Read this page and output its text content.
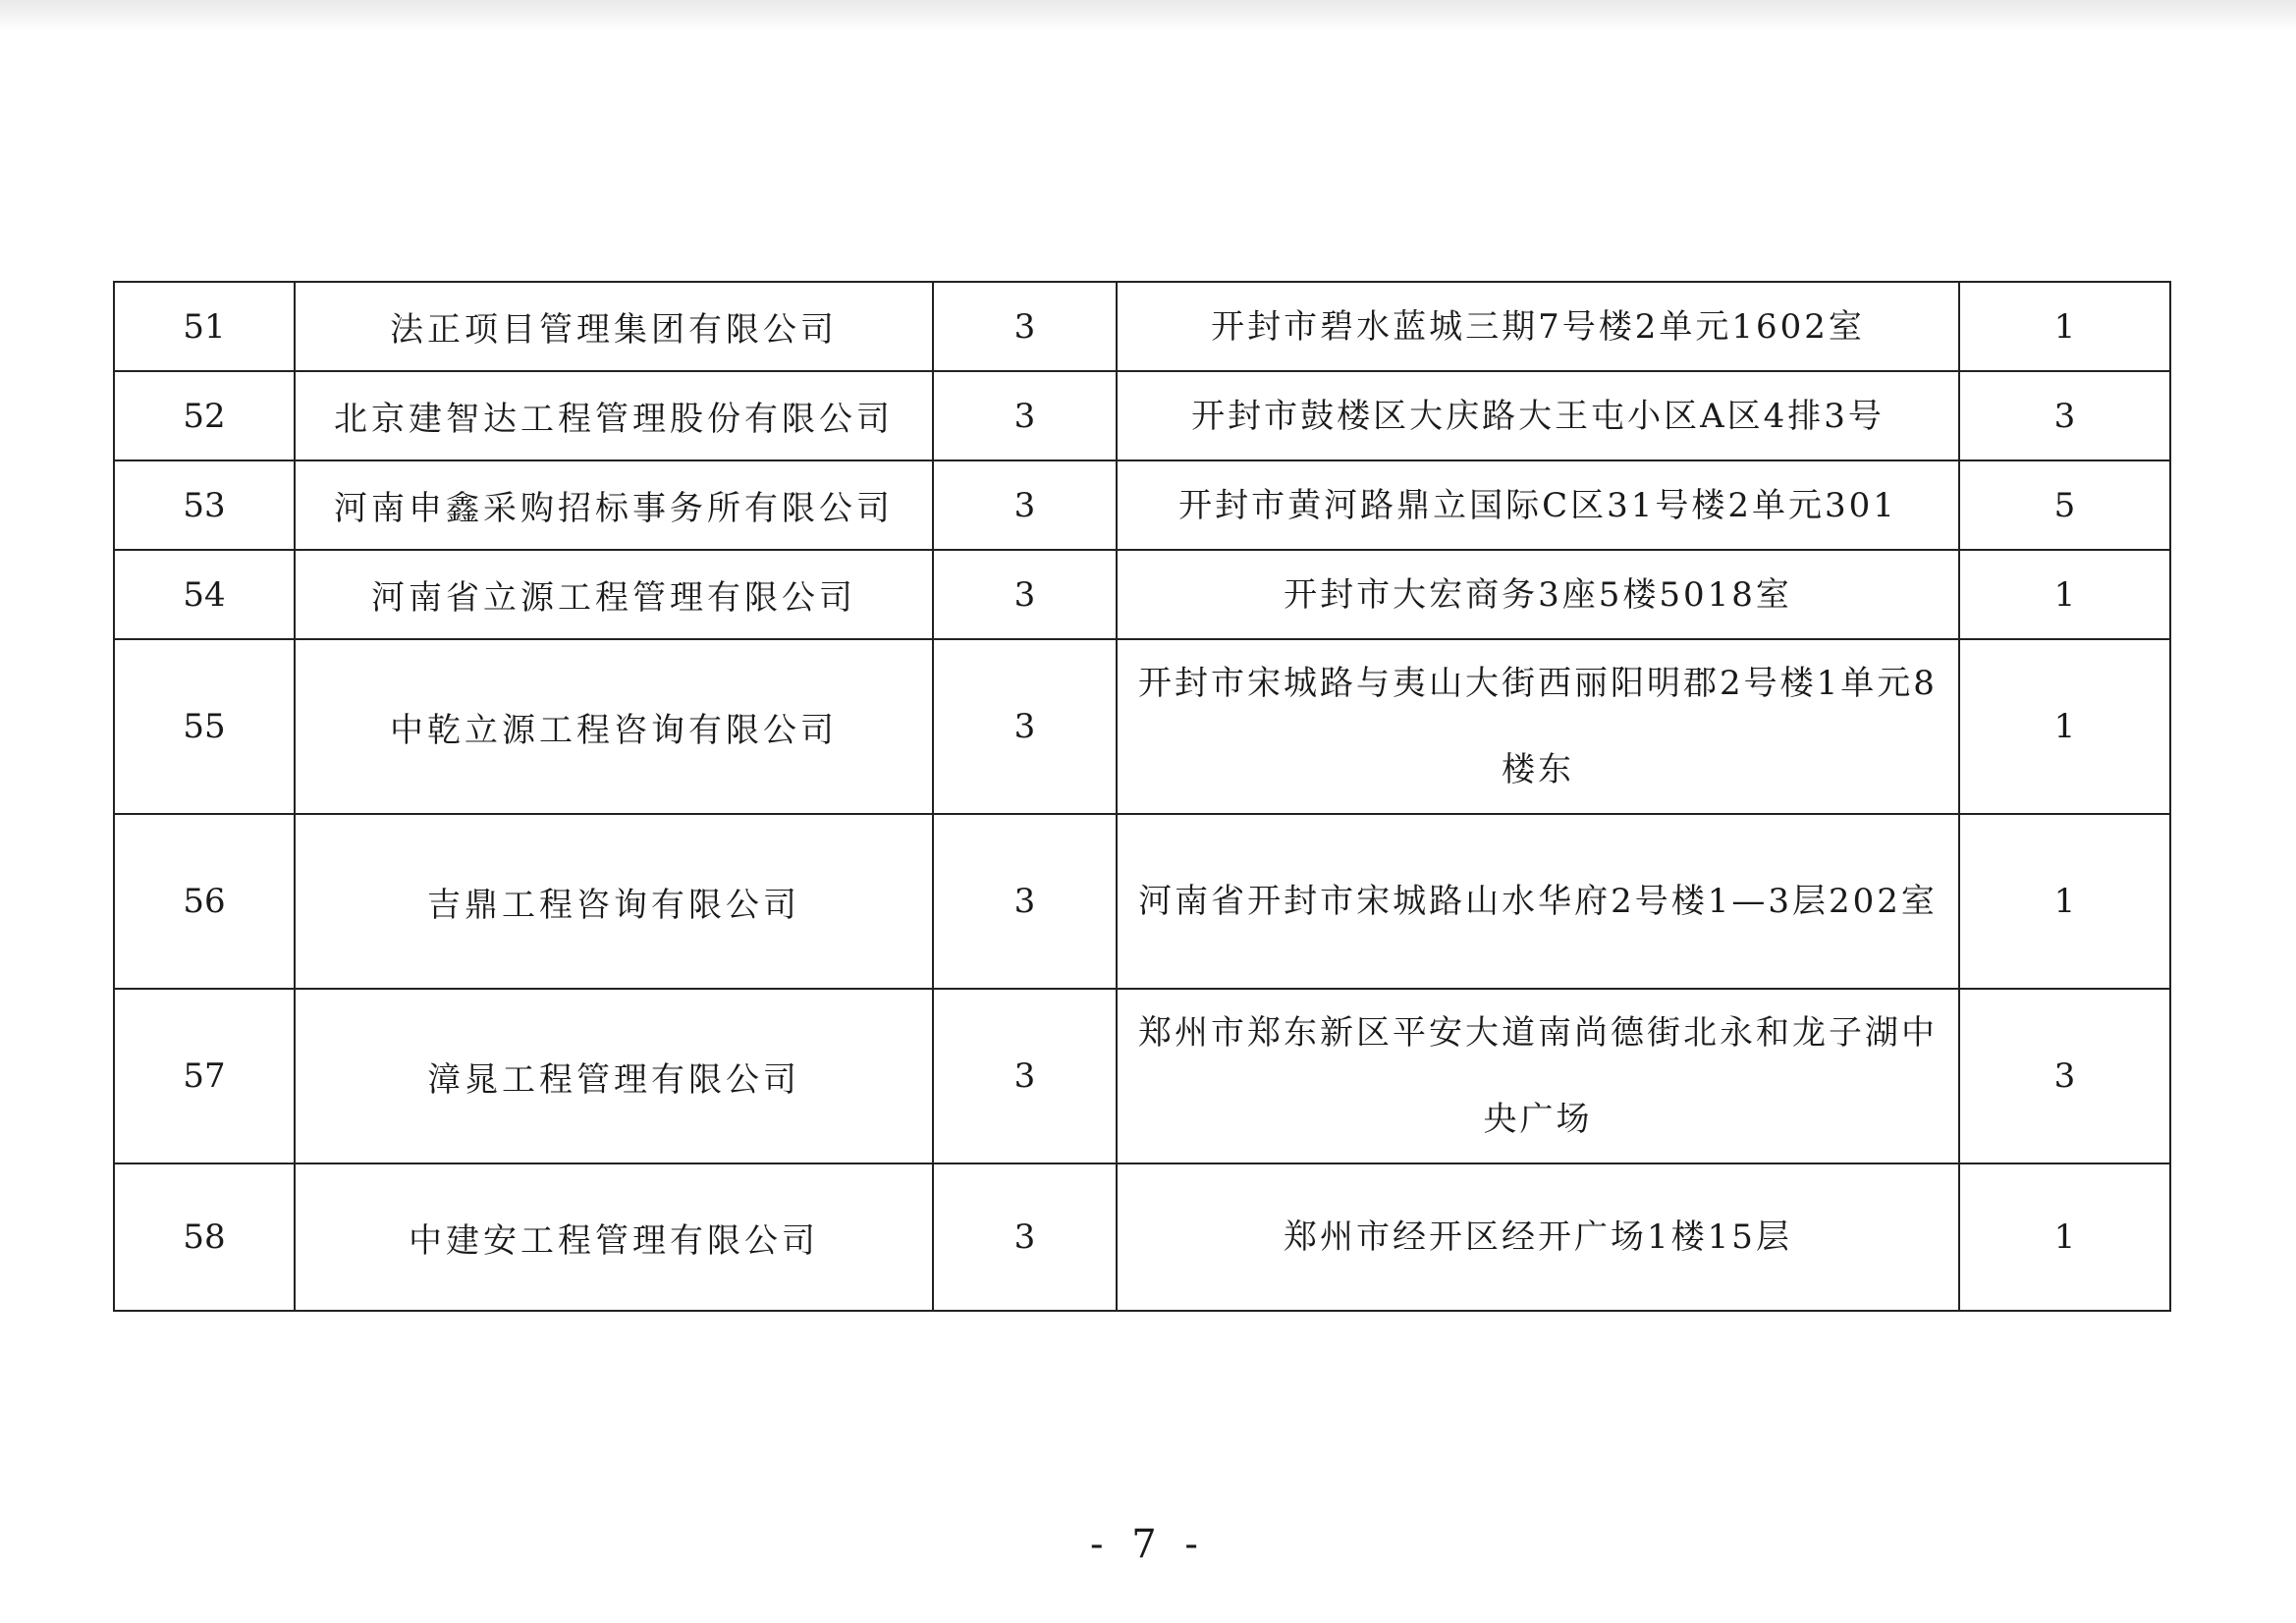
51	法正项目管理集团有限公司	3	开封市碧水蓝城三期7号楼2单元1602室	1
52	北京建智达工程管理股份有限公司	3	开封市鼓楼区大庆路大王屯小区A区4排3号	3
53	河南申鑫采购招标事务所有限公司	3	开封市黄河路鼎立国际C区31号楼2单元301	5
54	河南省立源工程管理有限公司	3	开封市大宏商务3座5楼5018室	1
55	中乾立源工程咨询有限公司	3	开封市宋城路与夷山大街西丽阳明郡2号楼1单元8楼东	1
56	吉鼎工程咨询有限公司	3	河南省开封市宋城路山水华府2号楼1—3层202室	1
57	漳晁工程管理有限公司	3	郑州市郑东新区平安大道南尚德街北永和龙子湖中央广场	3
58	中建安工程管理有限公司	3	郑州市经开区经开广场1楼15层	1
- 7 -
